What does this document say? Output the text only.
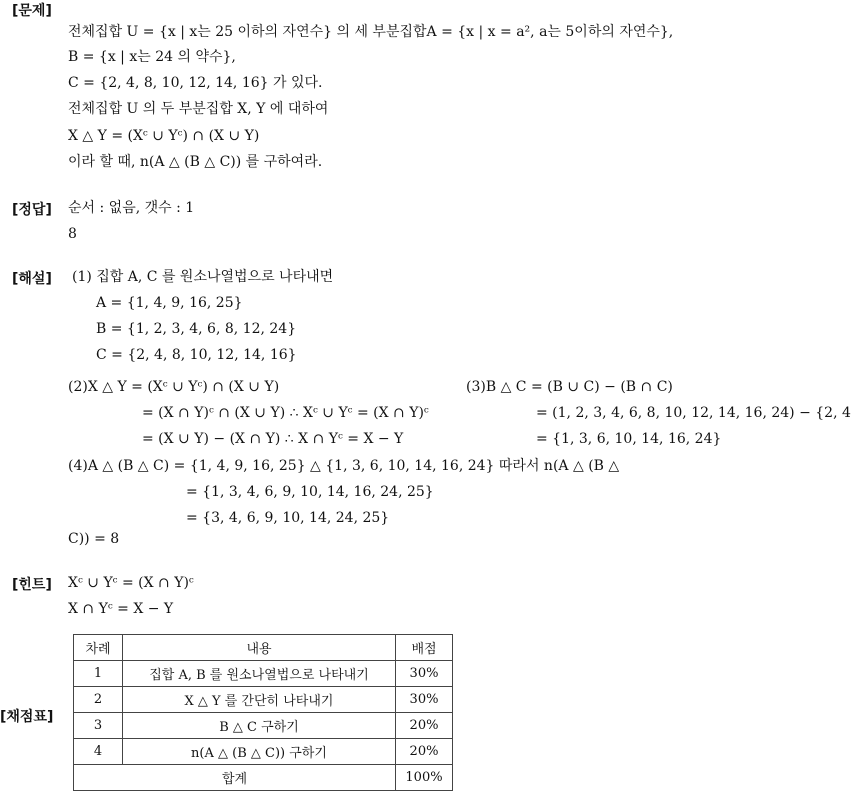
[문제]
[정답]
[해설]
[힌트]
[채점표]
전체집합 U = {x | x는 25 이하의 자연수} 의 세 부분집합A = {x | x = a², a는 5이하의 자연수},
B = {x | x는 24 의 약수},
C = {2, 4, 8, 10, 12, 14, 16} 가 있다.
전체집합 U 의 두 부분집합 X, Y 에 대하여
X △ Y = (Xᶜ ∪ Yᶜ) ∩ (X ∪ Y)
이라 할 때, n(A △ (B △ C)) 를 구하여라.
순서 : 없음, 갯수 : 1
8
(1) 집합 A, C 를 원소나열법으로 나타내면
A = {1, 4, 9, 16, 25}
B = {1, 2, 3, 4, 6, 8, 12, 24}
C = {2, 4, 8, 10, 12, 14, 16}
(2)X △ Y = (Xᶜ ∪ Yᶜ) ∩ (X ∪ Y)
= (X ∩ Y)ᶜ ∩ (X ∪ Y) ∴ Xᶜ ∪ Yᶜ = (X ∩ Y)ᶜ
= (X ∪ Y) − (X ∩ Y) ∴ X ∩ Yᶜ = X − Y
(3)B △ C = (B ∪ C) − (B ∩ C)
= (1, 2, 3, 4, 6, 8, 10, 12, 14, 16, 24) − {2, 4
= {1, 3, 6, 10, 14, 16, 24}
(4)A △ (B △ C) = {1, 4, 9, 16, 25} △ {1, 3, 6, 10, 14, 16, 24} 따라서 n(A △ (B △
= {1, 3, 4, 6, 9, 10, 14, 16, 24, 25}
= {3, 4, 6, 9, 10, 14, 24, 25}
C)) = 8
Xᶜ ∪ Yᶜ = (X ∩ Y)ᶜ
X ∩ Yᶜ = X − Y
차례	내용	배점
1	집합 A, B 를 원소나열법으로 나타내기	30%
2	X △ Y 를 간단히 나타내기	30%
3	B △ C 구하기	20%
4	n(A △ (B △ C)) 구하기	20%
합계		100%
